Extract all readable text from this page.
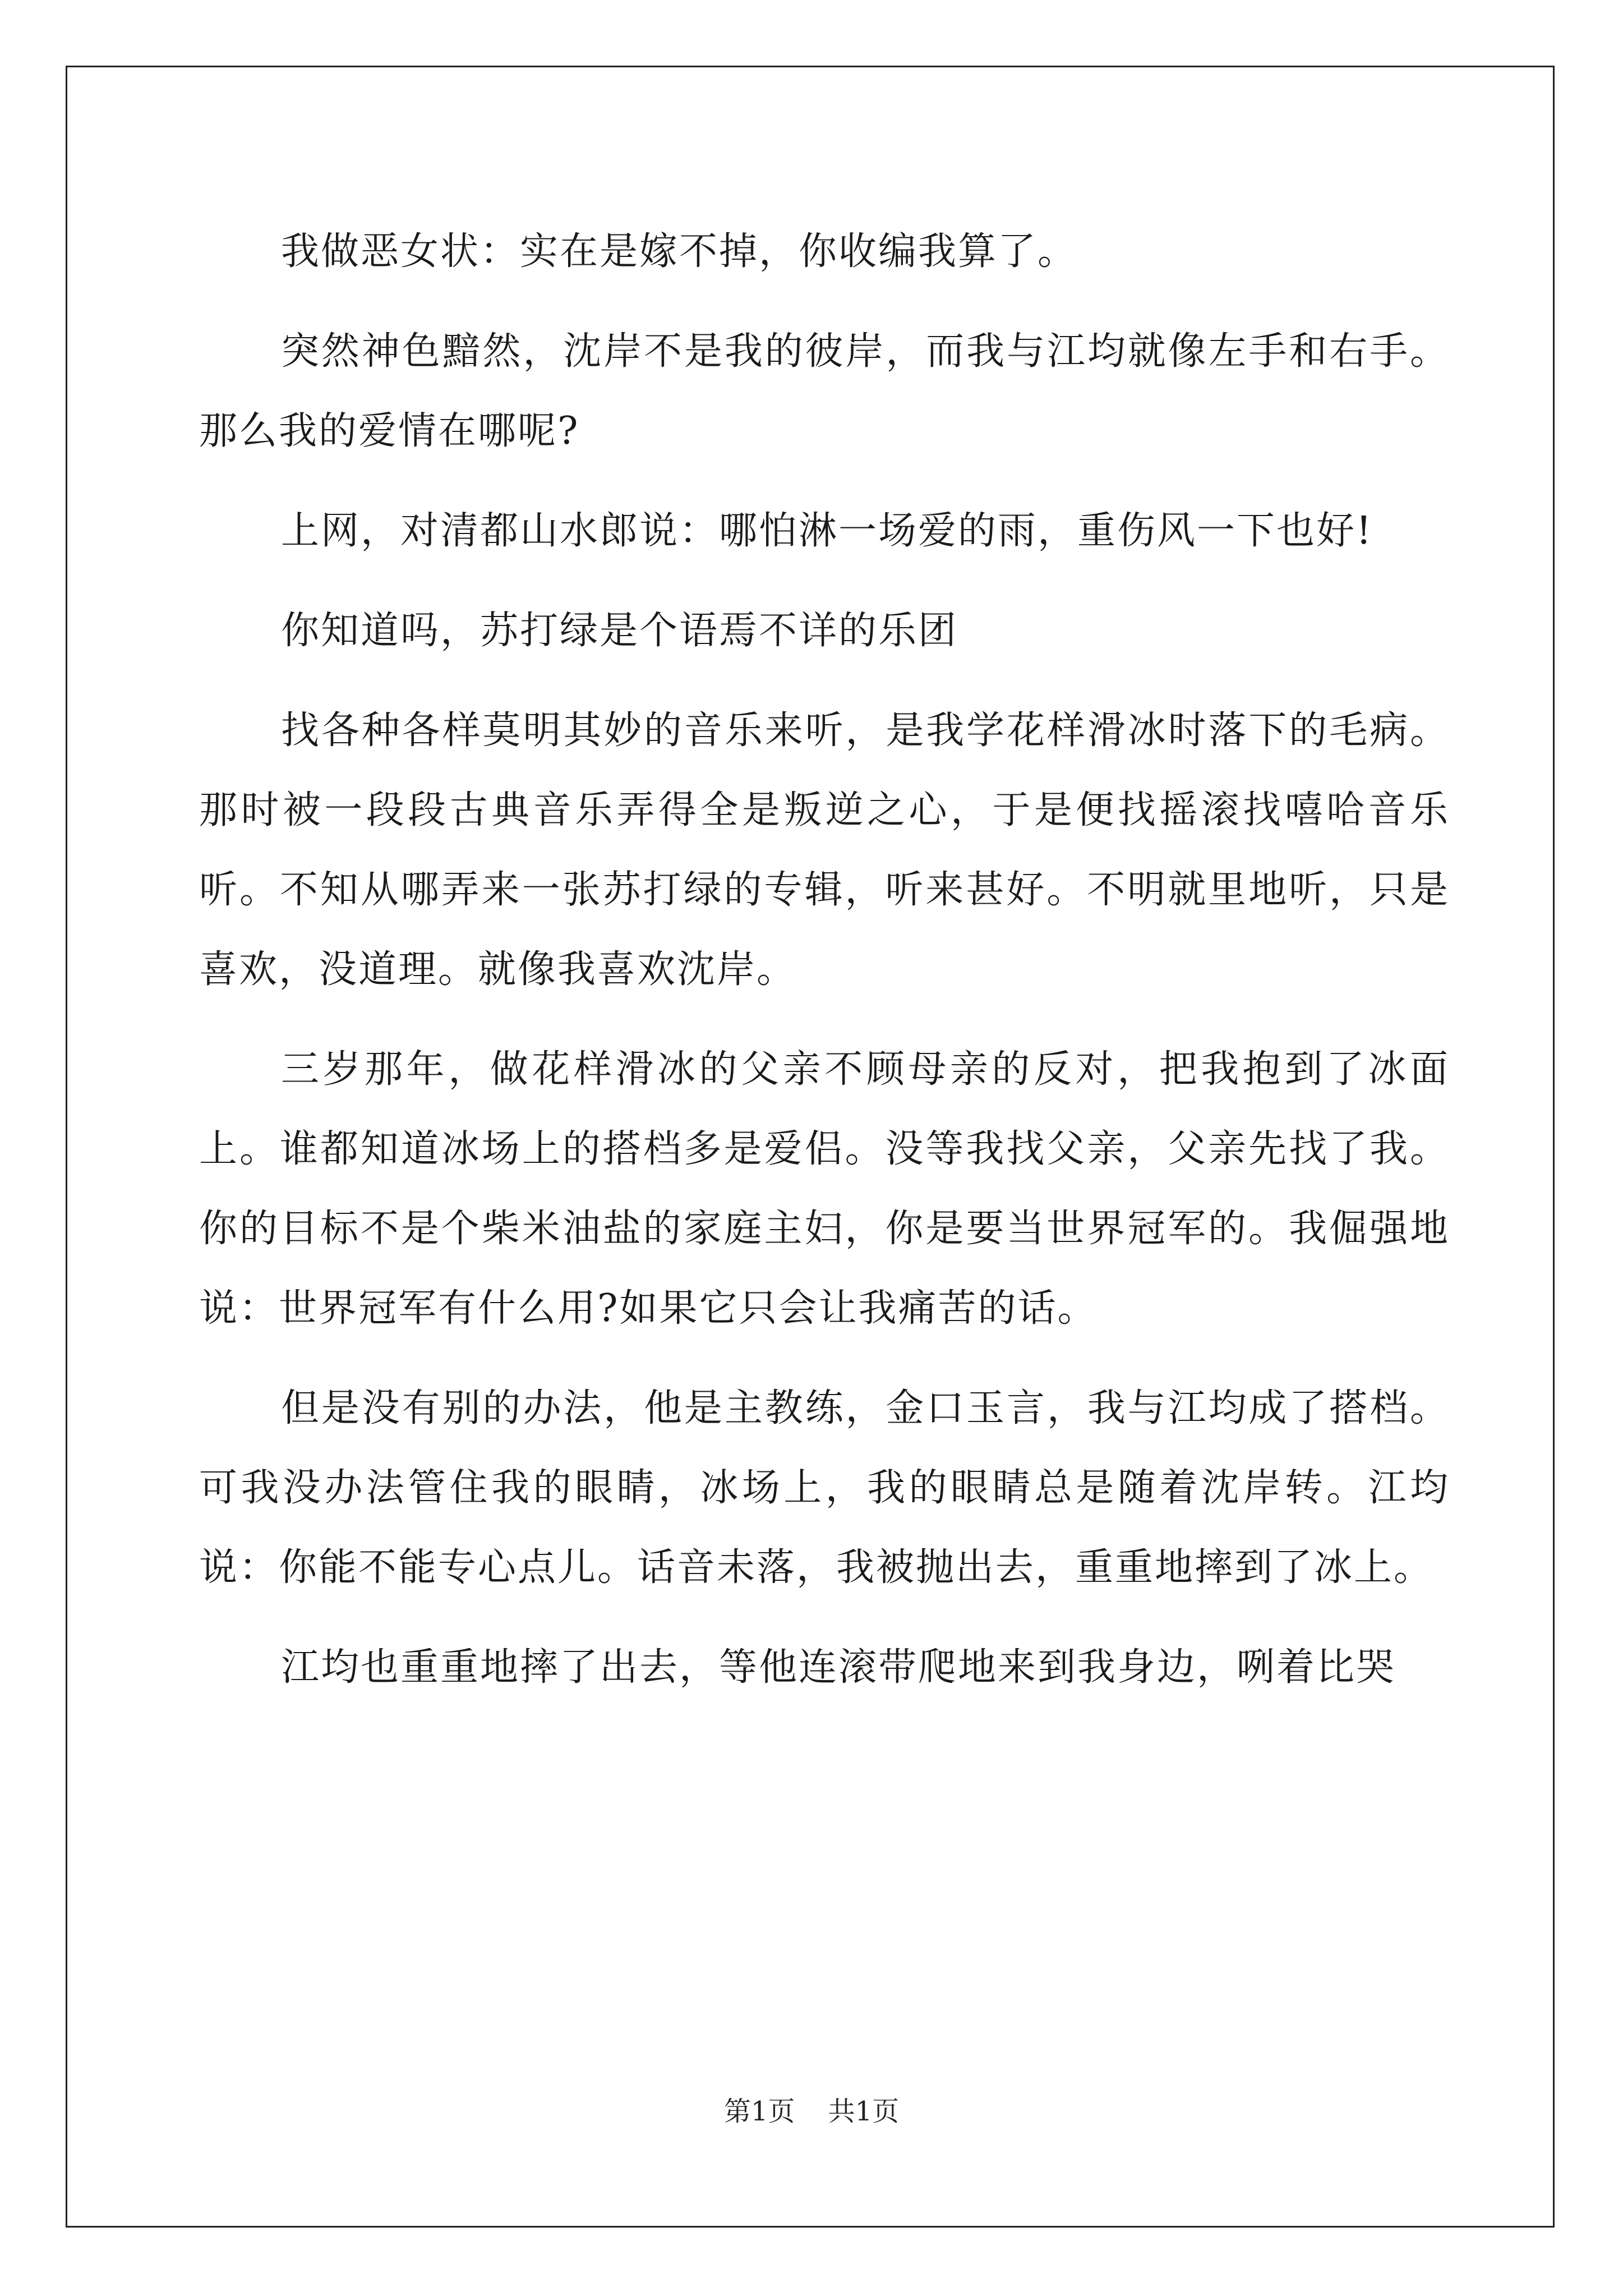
我做恶女状：实在是嫁不掉，你收编我算了。

突然神色黯然，沈岸不是我的彼岸，而我与江均就像左手和右手。那么我的爱情在哪呢?

上网，对清都山水郎说：哪怕淋一场爱的雨，重伤风一下也好!

你知道吗，苏打绿是个语焉不详的乐团

找各种各样莫明其妙的音乐来听，是我学花样滑冰时落下的毛病。那时被一段段古典音乐弄得全是叛逆之心，于是便找摇滚找嘻哈音乐听。不知从哪弄来一张苏打绿的专辑，听来甚好。不明就里地听，只是喜欢，没道理。就像我喜欢沈岸。

三岁那年，做花样滑冰的父亲不顾母亲的反对，把我抱到了冰面上。谁都知道冰场上的搭档多是爱侣。没等我找父亲，父亲先找了我。你的目标不是个柴米油盐的家庭主妇，你是要当世界冠军的。我倔强地说：世界冠军有什么用?如果它只会让我痛苦的话。

但是没有别的办法，他是主教练，金口玉言，我与江均成了搭档。可我没办法管住我的眼睛，冰场上，我的眼睛总是随着沈岸转。江均说：你能不能专心点儿。话音未落，我被抛出去，重重地摔到了冰上。

江均也重重地摔了出去，等他连滚带爬地来到我身边，咧着比哭

第1页 共1页
